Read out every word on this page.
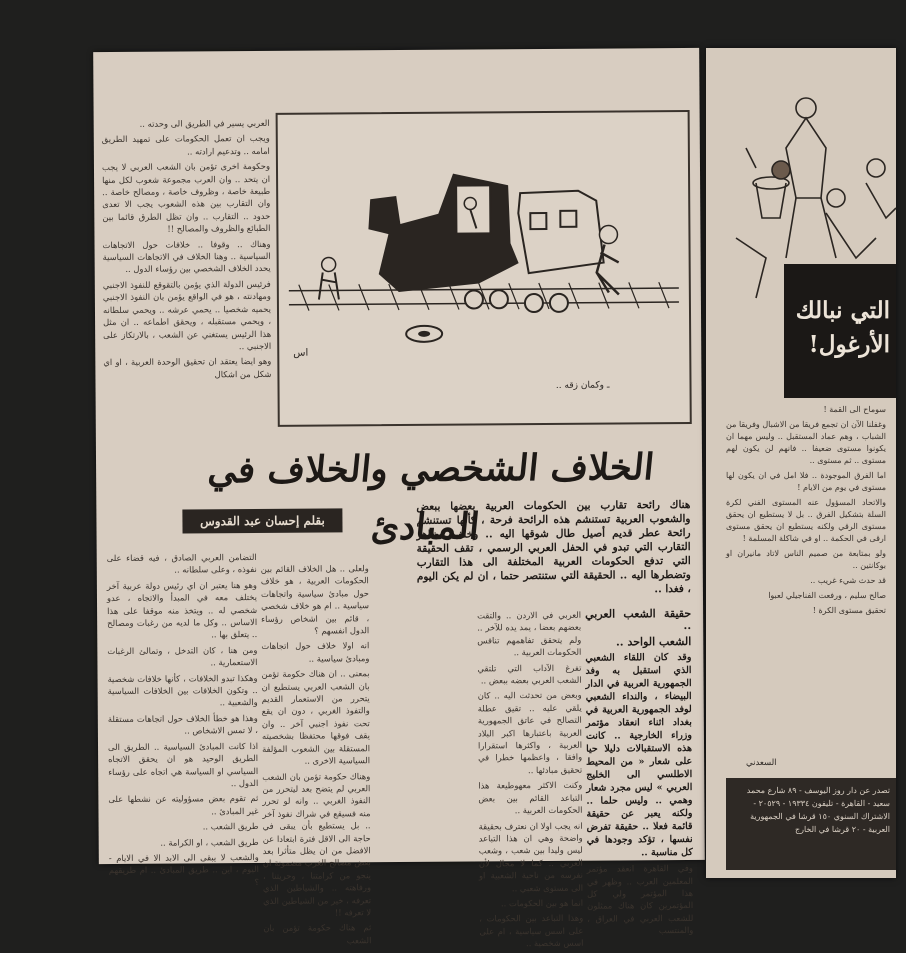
العربي يسير في الطريق الى وحدته ..

ويجب ان تعمل الحكومات على تمهيد الطريق امامه .. وتدعيم ارادته ..

وحكومة اخرى تؤمن بان الشعب العربي لا يجب ان يتحد .. وان العرب مجموعة شعوب لكل منها طبيعة خاصة ، وظروف خاصة ، ومصالح خاصة .. وان التقارب بين هذه الشعوب يجب الا تعدى حدود .. التقارب .. وان تظل الطرق قائما بين الطبائع والظروف والمصالح !!

وهناك .. وقوفا .. خلافات حول الاتجاهات السياسية .. وهنا الخلاف في الاتجاهات السياسية يحدد الخلاف الشخصي بين رؤساء الدول ..

فرئيس الدولة الذي يؤمن بالتقوقع للنفوذ الاجنبي ومهادنته ، هو في الواقع يؤمن بان النفوذ الاجنبي يحميه شخصيا .. يحمي عرشه .. ويحمي سلطانه ، ويحمي مستقبله ، ويحقق اطماعه .. ان مثل هذا الرئيس يستغني عن الشعب ، بالارتكاز على الاجنبي ..

وهو ايضا يعتقد ان تحقيق الوحدة العربية ، او اي شكل من اشكال

اس
ـ وكمان زقه ..
الخلاف الشخصي والخلاف في المبادئ
بقلم إحسان عبد القدوس

هناك رائحة تقارب بين الحكومات العربية بعضها ببعض والشعوب العربية تستنشم هذه الرائحة فرحة ، كأنها تستنشم رائحة عطر قديم أصيل طال شوقها اليه .. وخلف مظاهر التقارب التي تبدو في الحفل العربي الرسمي ، تقف الحقيقة التي تدفع الحكومات العربية المختلفة الى هذا التقارب وتضطرها اليه .. الحقيقة التي ستنتصر حتما ، ان لم يكن اليوم ، فغدا ..

حقيقة الشعب العربي ..

الشعب الواحد ..

وقد كان اللقاء الشعبي الذي استقبل به وفد الجمهورية العربية في الدار البيضاء ، والنداء الشعبي لوفد الجمهورية العربية في بغداد اثناء انعقاد مؤتمر وزراء الخارجية .. كانت هذه الاستقبالات دليلا حيا على شعار « من المحيط الاطلسي الى الخليج العربي » ليس مجرد شعار وهمي .. وليس حلما .. ولكنه يعبر عن حقيقة قائمة فعلا .. حقيقة تفرض نفسها ، تؤكد وجودها في كل مناسبة ..

وفي القاهرة انعقد مؤتمر المعلمين العرب .. وظهر في هذا المؤتمر ولي كل المؤتمرين كان هناك ممثلون للشعب العربي في العراق ، والمنتسب

العربي في الاردن .. والتقت بعضهم بعضا ، يمد يده للآخر .. ولم يتحقق تفاهمهم تنافس الحكومات العربية ..

تفرغ الآداب التي تلتقي الشعب العربي بعضه ببعض ..

وبعض من تحدثت اليه .. كان يلقي عليه .. تقيق عطلة التصالح في عاتق الجمهورية العربية باعتبارها اكبر البلاد العربية ، واكثرها استقرارا وافقا ، واعظمها خطرا في تحقيق مبادئها ..

وكنت الاكثر معهوطيعة هذا التباعد القائم بين بعض الحكومات العربية ..

انه يجب اولا ان نعترف بحقيقة واضحة وهي ان هذا التباعد ليس وليدا بين شعب ، وشعب العربي .. كما لا مجال لأن نفرسه من ناحية الشعبية او الى مستوى شعبي ..

انما هو بين الحكومات ..

وهذا التباعد بين الحكومات ، على اسس سياسية ، ام على اسس شخصية ..

ولعلى .. هل الخلاف القائم بين الحكومات العربية ، هو خلاف حول مبادئ سياسية واتجاهات سياسية .. ام هو خلاف شخصي ، قائم بين اشخاص رؤساء الدول انفسهم ؟

انه اولا خلاف حول اتجاهات ومبادئ سياسية ..

بمعنى .. ان هناك حكومة تؤمن بان الشعب العربي يستطيع ان يتحرر من الاستعمار القديم والتفوذ الغربي ، دون ان يقع تحت نفوذ اجنبي آخر .. وان يقف فوقها محتفظا بشخصيته المستقلة بين الشعوب المؤلفة السياسية الاخرى ..

وهناك حكومة تؤمن بان الشعب العربي لم يتضح بعد ليتحرر من النفوذ الغربي .. وانه لو تحرر منه فسيقع في شراك نفوذ آخر .. بل يستطيع بأن يبقى في حاجة الى الاقل فترة ابتعادا عن الافضل من ان يظل متأثرا بعد بعض مصالح الغرب مضمونة ان ينجو من كرامتنا ، وحريتنا ، ورفاهته .. والشياطين الذي تعرفه ، خير من الشياطين الذي لا تعرفه !!

ثم هناك حكومة تؤمن بان الشعب

التضامن العربي الصادق ، فيه قضاء على نفوذه ، وعلى سلطانه ..

وهو هنا يعتبر ان اي رئيس دولة عربية آخر يختلف معه في المبدأ والاتجاه ، عدو شخصي له .. ويتخذ منه موقفا على هذا الاساس .. وكل ما لديه من رغبات ومصالح .. يتعلق بها ..

ومن هنا ، كان التدخل ، وتمالئ الرغبات الاستعمارية ..

وهكذا تبدو الخلافات ، كأنها خلافات شخصية .. وتكون الخلافات بين الخلافات السياسية والشعبية ..

وهذا هو خطأ الخلاف حول اتجاهات مستقلة ، لا تمس الاشخاص ..

اذا كانت المبادئ السياسية .. الطريق الى الطريق الوحيد هو ان يحقق الاتجاه السياسي او السياسة هي اتجاه على رؤساء الدول ..

ثم تقوم بعض مسؤوليته عن نشطها على غير المبادئ ..

طريق الشعب ..

طريق الشعب ، او الكرامة ..

والشعب لا يبقى الى الابد الا في الايام - اليوم ، اين .. طريق المبادئ .. ام طريقهم ؟

التي نبالك الأرغول!

سوماح الى القمة !

وغفلنا الآن ان تجمع فريقا من الاشبال وفريقا من الشباب ، وهم عماد المستقبل .. وليس مهما ان يكونوا مستوى ضعيفا .. فانهم لن يكون لهم مستوى .. ثم مستوى ..

اما الفرق الموجودة .. فلا امل في ان يكون لها مستوى في يوم من الايام !

والاتحاد المسؤول عنه المستوى الفني لكرة السلة بتشكيل الفرق .. بل لا يستطيع ان يحقق مستوى الرقي ولكنه يستطيع ان يحقق مستوى ارقى في الحكمة .. او في شاكلة المسلمة !

ولو بمتابعة من صميم الناس لاتاد مانيران او بوكانتين ..

قد حدث شيء غريب ..

صالح سليم ، ورفعت الفناجيلي لعبوا

تحقيق مستوى الكرة !

السعدني
تصدر عن دار روز اليوسف - ٨٩ شارع محمد سعيد - القاهرة - تليفون ١٩٣٣٤ - ٢٠٥٢٩ - الاشتراك السنوي ١٥٠ قرشا في الجمهورية العربية - ٢٠ قرشا في الخارج
